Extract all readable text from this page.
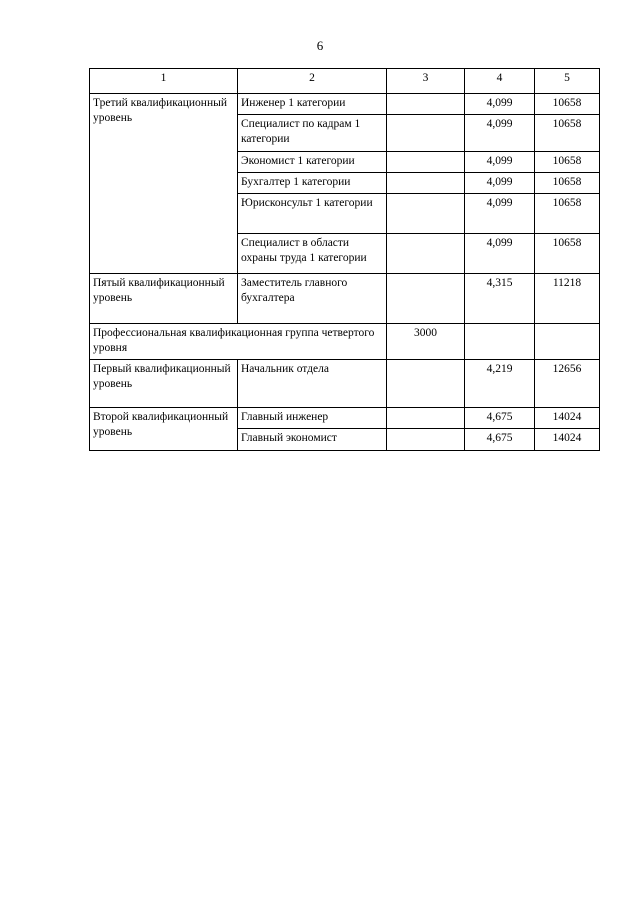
6
1	2	3	4	5
Третий квалификационный уровень	Инженер 1 категории		4,099	10658
	Специалист по кадрам 1 категории		4,099	10658
	Экономист 1 категории		4,099	10658
	Бухгалтер 1 категории		4,099	10658
	Юрисконсульт 1 категории		4,099	10658
	Специалист в области охраны труда 1 категории		4,099	10658
Пятый квалификационный уровень	Заместитель главного бухгалтера		4,315	11218
Профессиональная квалификационная группа четвертого уровня		3000		
Первый квалификационный уровень	Начальник отдела		4,219	12656
Второй квалификационный уровень	Главный инженер		4,675	14024
	Главный экономист		4,675	14024
